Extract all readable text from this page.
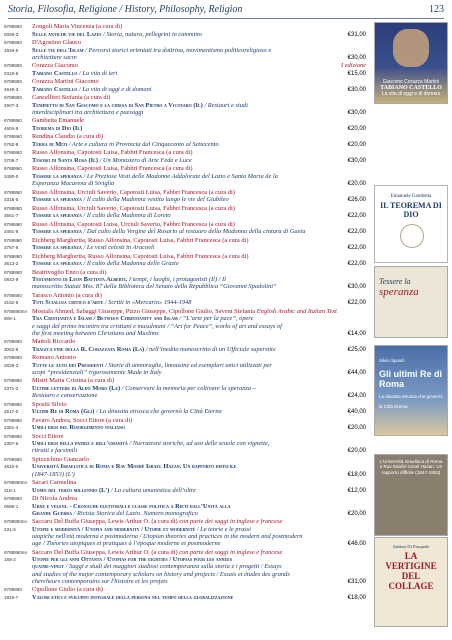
Storia, Filosofia, Religione / History, Philosophy, Religion	123
9788860	Zongoli Maria Vincenza (a cura di)
0059-3	Sulle antiche vie del Lazio / Storia, natura, pellegrini in cammino	€31,00
9788860	D'Agostino Glauco
1926-5	Sulle vie dell'Islam / Percorsi storici orientati tra dottrina, movimentismo politicoreligioso e
architetture sacre	€30,00
9788860	Corazza Giacomo	I edizione
0319-6	Tabiano Castello / La vita di ieri	€15,00
9788860	Corazza Martini Giacomo
4648-3	Tabiano Castello / La vita di oggi e di domani	€30,00
9788860	Cancellieri Stefania (a cura di)
2907-3	Tempietto di San Giacomo e la chiesa di San Pietro a Vicovaro (Il) / Restauri e studi
interdisciplinari tra architettura e paesaggi	€30,00
9788860	Gambetta Emanuele
4604-9	Teorema di Dio (Il)	€20,00
9788860	Rendina Claudio (a cura di)
0782-8	Terra di Miti / Arte e cultura in Provincia dal Cinquecento al Settecento	€20,00
9788860	Russo Alfonsina, Capotosti Luisa, Fabbri Francesca (a cura di)
3706-7	Tesoro di Santa Rosa (Il) / Un Monastero di Arte Fede e Luce	€30,00
9788860	Russo Alfonsina, Capotosti Luisa, Fabbri Francesca (a cura di)
3480-0	Tessere la speranza / Le Preziose Vesti delle Madonne Addolorate del Lazio e Santa Maria de la
Esperanza Macarena di Siviglia	€20,00
9788860	Russo Alfonsina, Urciuli Saverio, Capotosti Luisa, Fabbri Francesca (a cura di)
3315-5	Tessere la speranza / Il culto della Madonna vestita lungo le vie del Giubileo	€26,00
9788860	Russo Alfonsina, Urciuli Saverio, Capotosti Luisa, Fabbri Francesca (a cura di)
3551-7	Tessere la speranza / Il culto della Madonna di Loreto	€22,00
9788860	Russo Alfonsina, Capotosti Luisa, Urciuli Saverio, Fabbri Francesca (a cura di)
3491-6	Tessere la speranza / Dal culto della Vergine del Rosario al restauro della Madonna della cintura di Gaeta	€22,00
9788860	Eichberg Margherita, Russo Alfonsina, Capotosti Luisa, Fabbri Francesca (a cura di)
3787-6	Tessere la speranza / Le vesti celesti in Aracoeli	€22,00
9788860	Eichberg Margherita, Russo Alfonsina, Capotosti Luisa, Fabbri Francesca (a cura di)
3613-2	Tessere la speranza / Il culto della Madonna delle Grazie	€22,00
9788860	Beatrivoglio Enzo (a cura di)
0842-9	Testamento di Leon Battista Alberti. I tempi, i luoghi, i protagonisti (Il) / Il
manoscritto Statuti Mss. 87 della Biblioteca del Senato della Repubblica “Giovanni Spadolini”	€30,00
9788860	Tarasco Antonio (a cura di)
3152-5	Toti Scialoja critico d'arte / Scritti in «Mercurio» 1944-1948	€22,00
9788860nn Mostafa Ahmed, Sabaggi Giuseppe, Pizzo Giuseppe, Cipollone Giulio, Seveni Stefania English Arabic and Italian Text
909-1	Tra Cristianità e Islam / Between Christianity and Islam / “L’arte per la pace”, opere
e saggi del primo incontro tra cristiani e musulmani / “Art for Peace”, works of art and essays of
the first meeting between Christians and Muslims	€14,00
9788860	Mattoli Riccardo
3052-9	Tragica fine della R. Corazzata Roma (La) / nell’inedito manoscritto di un Ufficiale superstite	€25,00
9788860	Romano Antonio
2626-3	Tutte le auto dei Presidenti / Storie di ammiraglie, limousine ed esemplari unici utilizzati per
scopi “presidenziali” rigorosamente Made in Italy	€44,00
9788860	Mistri Maria Cristina (a cura di)
2371-2	Ultime lettere di Aldo Moro (Le) / Conservare la memoria per coltivare la speranza –
Restauro e conservazione	€24,00
9788860	Spositi Silvio
2517-0	Ultimi Re di Roma (Gli) / La dinastia etrusca che governò la Città Eterna	€40,00
9788860	Favaro Andrea, Socci Ettore (a cura di)
2351-4	Umili eroi del Risorgimento italiano	€20,00
9788860	Socci Ettore
2357-6	Umili eroi della patria e dell'umanità / Narrazioni storiche, ad uso delle scuole con vignette,
ritratti e facsimili	€20,00
9788860	Spizzichino Giancarlo
4610-0	Università Israelitica di Roma e Rav Moshè Israel Hazan. Un rapporto difficile
(1847-1853) (L')	€18,00
9788860nn Sacari Carmelina
318-1	Uomo del terzo millennio (L') / La cultura umanistica dell’oltre	€12,00
9788860	Di Nicola Andrea
0695-1	Urne e veleni. - Cronache elettorali e classe politica a Rieti dall’Unità alla
Grande Guerra / Rivista Storica del Lazio. Numero monografico	€20,00
9788860nn Saccaro Del Buffa Giuseppa, Lewis Arthur O. (a cura di) con parte dei saggi in inglese e francese
231-5	Utopie e modernità / Utopia and modernity / Utopie et modernité / Le teorie e le prassi
utopiche nell'età moderna e postmoderna / Utopian theories and practices in the modern and postmodern
age / Théories utopiques et pratiques à l’époque moderne et postmoderne	€46,00
9788860nn Saccaro Del Buffa Giuseppa, Lewis Arthur O. (a cura di) con parte dei saggi in inglese e francese
168-2	Utopie per gli anni Ottanta / Utopias for the eighties / Utopias pour les années
quatre-vingt / Saggi e studi dei maggiori studiosi contemporanea sulla storia e i progetti / Essays
and studies of the major contemporary scholars on history and projects / Essais et études des grands
chercheurs contemporains sur l'histoire et les projets	€31,00
9788860	Cipollone Giulio (a cura di)
1819-7	Valori etici e sviluppo integrale della persona nel tempo della globalizzazione	€18,00
Giacomo Corazza Martini
TABIANO CASTELLO
La vita di oggi e di domani
Emanuele Gambetta
IL TEOREMA DI DIO
Tessere la
speranza
Silvio Spositi
Gli ultimi Re di Roma
La dinastia etrusca che governò la Città Eterna
L'Università Israelitica di Roma e Rav Moshè Israel Hazan. Un rapporto difficile (1847-1853)
Andrea Di Pasquale
LA VERTIGINE DEL COLLAGE
